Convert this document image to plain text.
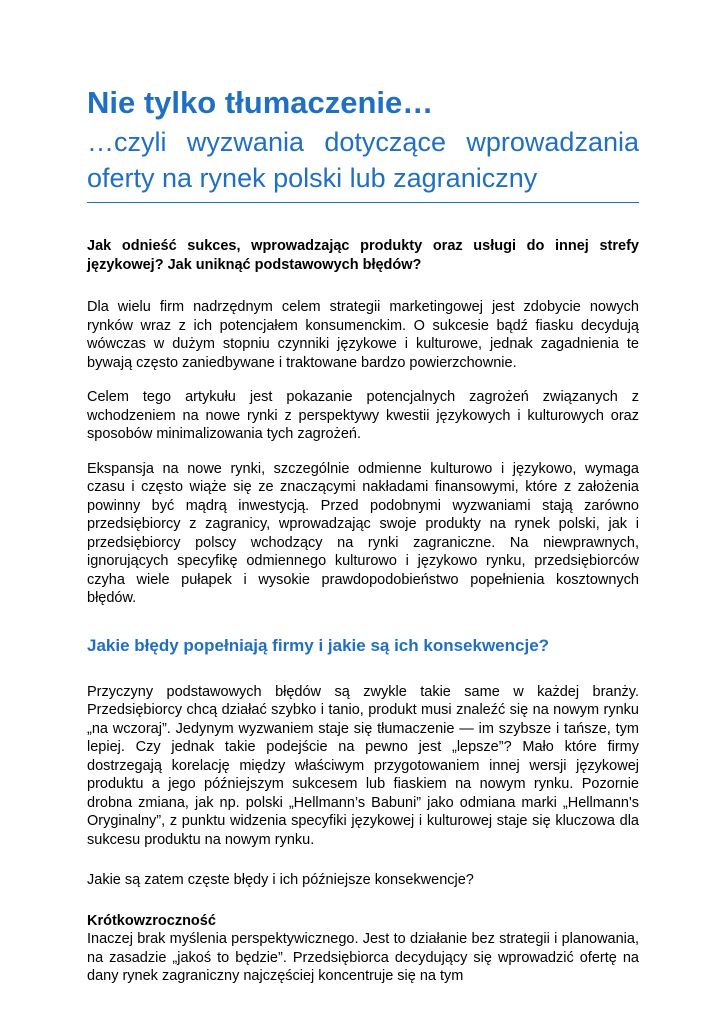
Nie tylko tłumaczenie…
…czyli wyzwania dotyczące wprowadzania oferty na rynek polski lub zagraniczny

Jak odnieść sukces, wprowadzając produkty oraz usługi do innej strefy językowej? Jak uniknąć podstawowych błędów?

Dla wielu firm nadrzędnym celem strategii marketingowej jest zdobycie nowych rynków wraz z ich potencjałem konsumenckim. O sukcesie bądź fiasku decydują wówczas w dużym stopniu czynniki językowe i kulturowe, jednak zagadnienia te bywają często zaniedbywane i traktowane bardzo powierzchownie.

Celem tego artykułu jest pokazanie potencjalnych zagrożeń związanych z wchodzeniem na nowe rynki z perspektywy kwestii językowych i kulturowych oraz sposobów minimalizowania tych zagrożeń.

Ekspansja na nowe rynki, szczególnie odmienne kulturowo i językowo, wymaga czasu i często wiąże się ze znaczącymi nakładami finansowymi, które z założenia powinny być mądrą inwestycją. Przed podobnymi wyzwaniami stają zarówno przedsiębiorcy z zagranicy, wprowadzając swoje produkty na rynek polski, jak i przedsiębiorcy polscy wchodzący na rynki zagraniczne. Na niewprawnych, ignorujących specyfikę odmiennego kulturowo i językowo rynku, przedsiębiorców czyha wiele pułapek i wysokie prawdopodobieństwo popełnienia kosztownych błędów.

Jakie błędy popełniają firmy i jakie są ich konsekwencje?

Przyczyny podstawowych błędów są zwykle takie same w każdej branży. Przedsiębiorcy chcą działać szybko i tanio, produkt musi znaleźć się na nowym rynku „na wczoraj”. Jedynym wyzwaniem staje się tłumaczenie — im szybsze i tańsze, tym lepiej. Czy jednak takie podejście na pewno jest „lepsze”? Mało które firmy dostrzegają korelację między właściwym przygotowaniem innej wersji językowej produktu a jego późniejszym sukcesem lub fiaskiem na nowym rynku. Pozornie drobna zmiana, jak np. polski „Hellmann’s Babuni” jako odmiana marki „Hellmann's Oryginalny”, z punktu widzenia specyfiki językowej i kulturowej staje się kluczowa dla sukcesu produktu na nowym rynku.

Jakie są zatem częste błędy i ich późniejsze konsekwencje?

Krótkowzroczność

Inaczej brak myślenia perspektywicznego. Jest to działanie bez strategii i planowania, na zasadzie „jakoś to będzie”. Przedsiębiorca decydujący się wprowadzić ofertę na dany rynek zagraniczny najczęściej koncentruje się na tym
